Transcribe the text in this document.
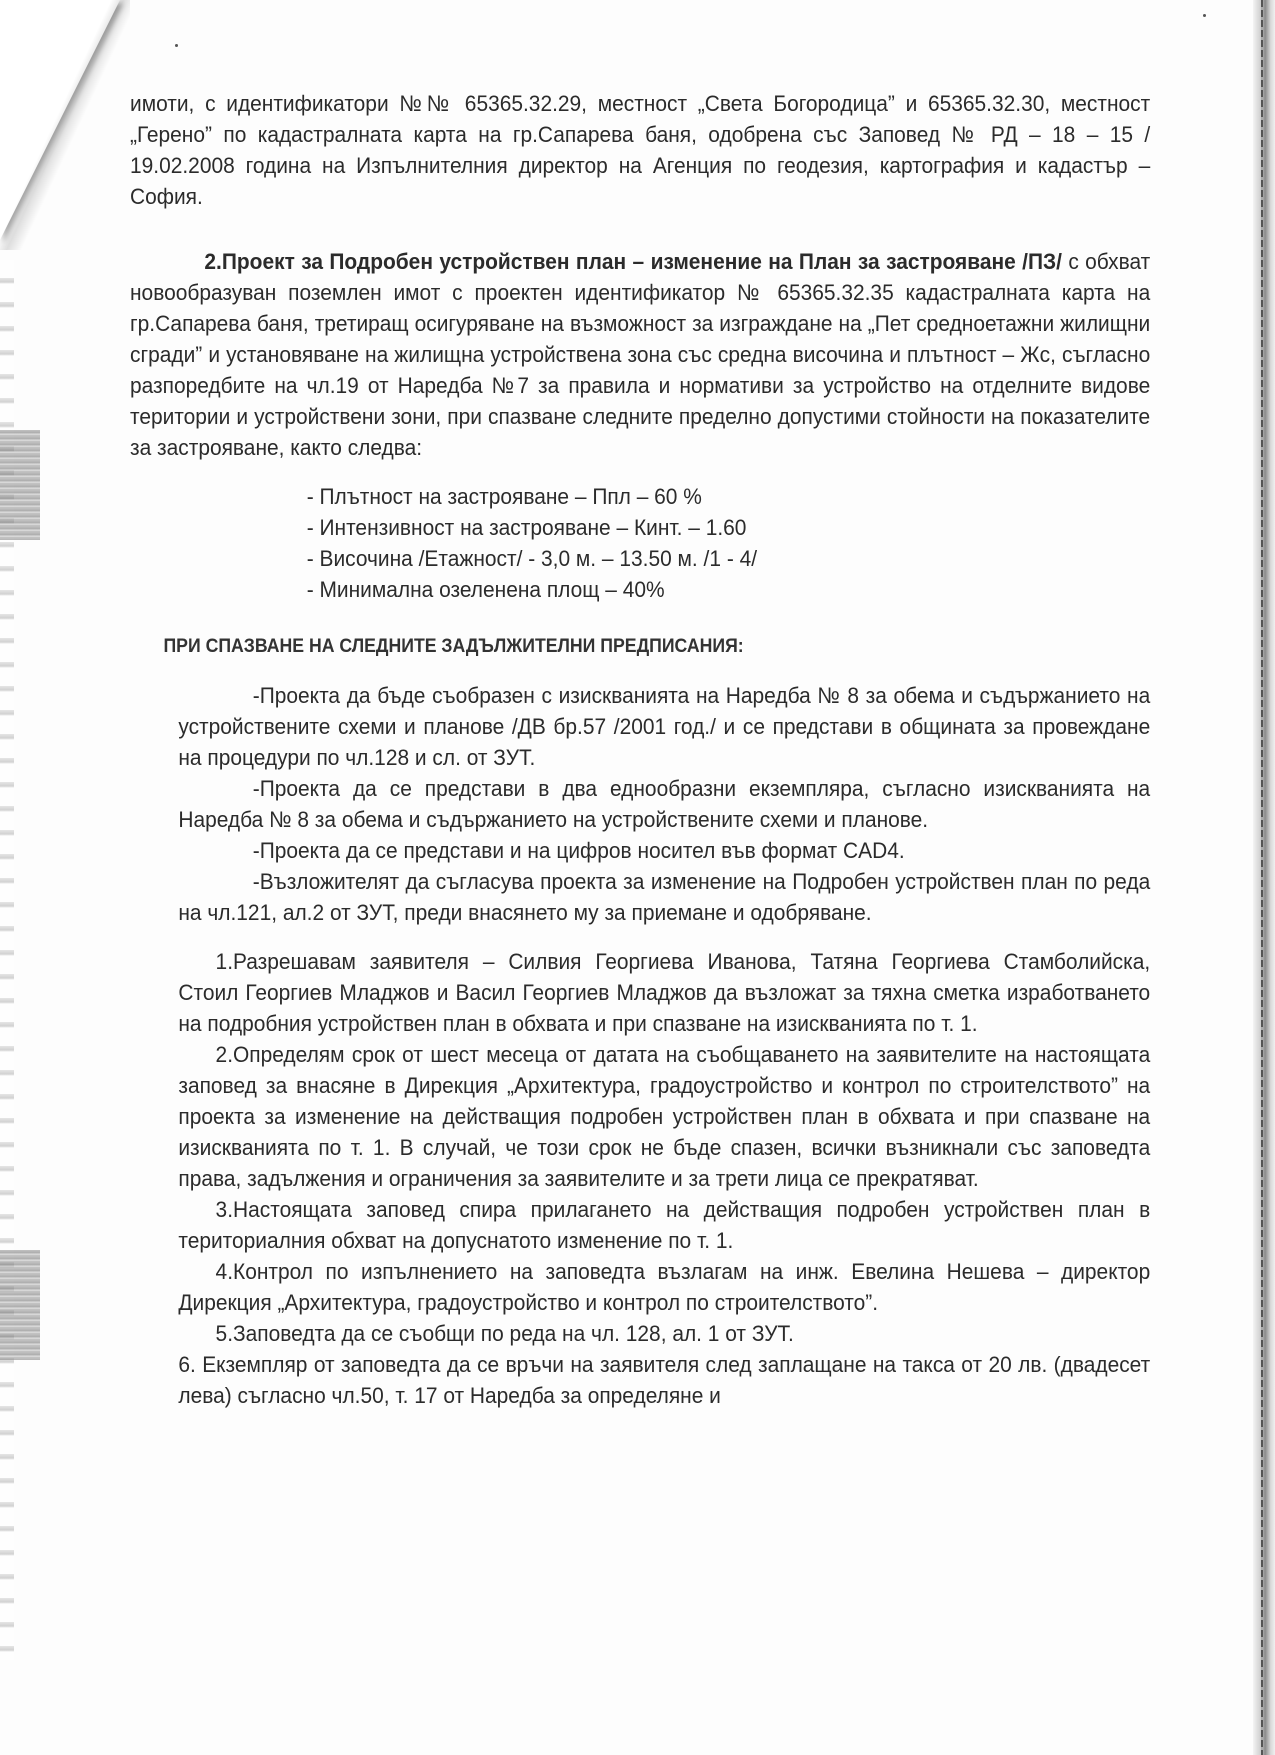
имоти, с идентификатори №№ 65365.32.29, местност „Света Богородица” и 65365.32.30, местност „Герено” по кадастралната карта на гр.Сапарева баня, одобрена със Заповед № РД – 18 – 15 / 19.02.2008 година на Изпълнителния директор на Агенция по геодезия, картография и кадастър – София.

2.Проект за Подробен устройствен план – изменение на План за застрояване /ПЗ/ с обхват новообразуван поземлен имот с проектен идентификатор № 65365.32.35 кадастралната карта на гр.Сапарева баня, третиращ осигуряване на възможност за изграждане на „Пет средноетажни жилищни сгради” и установяване на жилищна устройствена зона със средна височина и плътност – Жс, съгласно разпоредбите на чл.19 от Наредба №7 за правила и нормативи за устройство на отделните видове територии и устройствени зони, при спазване следните пределно допустими стойности на показателите за застрояване, както следва:

- Плътност на застрояване – Ппл – 60 %
- Интензивност на застрояване – Кинт. – 1.60
- Височина /Етажност/ - 3,0 м. – 13.50 м. /1 - 4/
- Минимална озеленена площ – 40%
ПРИ СПАЗВАНЕ НА СЛЕДНИТЕ ЗАДЪЛЖИТЕЛНИ ПРЕДПИСАНИЯ:

-Проекта да бъде съобразен с изискванията на Наредба № 8 за обема и съдържанието на устройствените схеми и планове /ДВ бр.57 /2001 год./ и се представи в общината за провеждане на процедури по чл.128 и сл. от ЗУТ.

-Проекта да се представи в два еднообразни екземпляра, съгласно изискванията на Наредба № 8 за обема и съдържанието на устройствените схеми и планове.

-Проекта да се представи и на цифров носител във формат CAD4.

-Възложителят да съгласува проекта за изменение на Подробен устройствен план по реда на чл.121, ал.2 от ЗУТ, преди внасянето му за приемане и одобряване.

1.Разрешавам заявителя – Силвия Георгиева Иванова, Татяна Георгиева Стамболийска, Стоил Георгиев Младжов и Васил Георгиев Младжов да възложат за тяхна сметка изработването на подробния устройствен план в обхвата и при спазване на изискванията по т. 1.

2.Определям срок от шест месеца от датата на съобщаването на заявителите на настоящата заповед за внасяне в Дирекция „Архитектура, градоустройство и контрол по строителството” на проекта за изменение на действащия подробен устройствен план в обхвата и при спазване на изискванията по т. 1. В случай, че този срок не бъде спазен, всички възникнали със заповедта права, задължения и ограничения за заявителите и за трети лица се прекратяват.

3.Настоящата заповед спира прилагането на действащия подробен устройствен план в териториалния обхват на допуснатото изменение по т. 1.

4.Контрол по изпълнението на заповедта възлагам на инж. Евелина Нешева – директор Дирекция „Архитектура, градоустройство и контрол по строителството”.

5.Заповедта да се съобщи по реда на чл. 128, ал. 1 от ЗУТ.

6. Екземпляр от заповедта да се връчи на заявителя след заплащане на такса от 20 лв. (двадесет лева) съгласно чл.50, т. 17 от Наредба за определяне и
